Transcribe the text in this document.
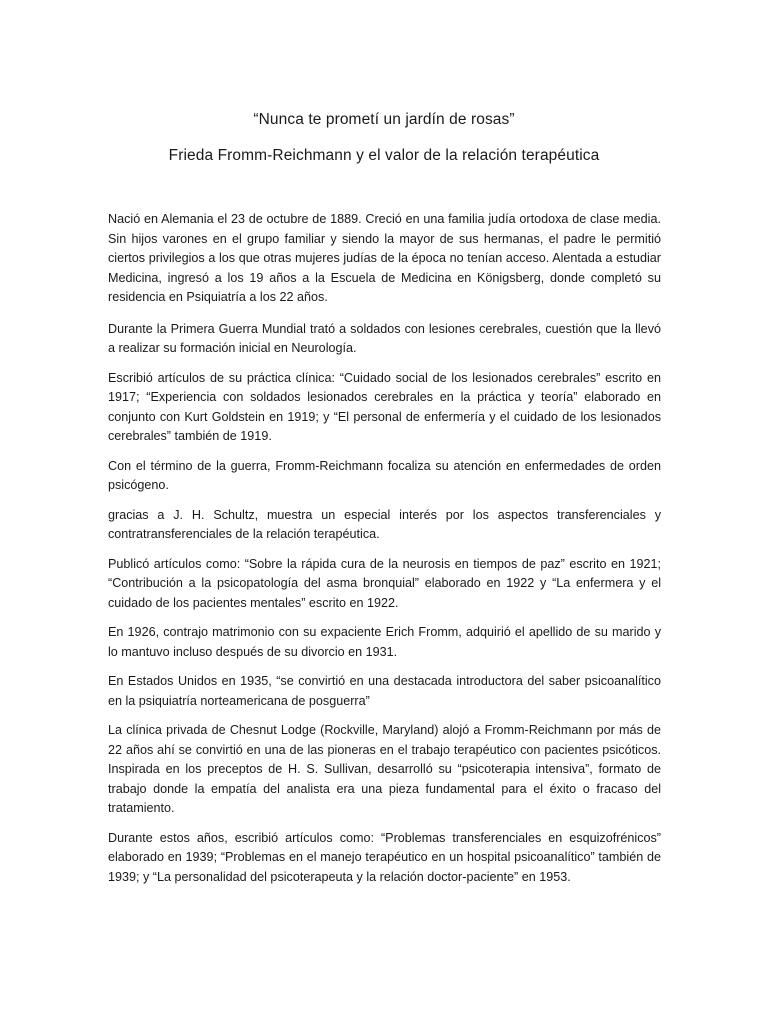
“Nunca te prometí un jardín de rosas”
Frieda Fromm-Reichmann y el valor de la relación terapéutica

Nació en Alemania el 23 de octubre de 1889. Creció en una familia judía ortodoxa de clase media. Sin hijos varones en el grupo familiar y siendo la mayor de sus hermanas, el padre le permitió ciertos privilegios a los que otras mujeres judías de la época no tenían acceso. Alentada a estudiar Medicina, ingresó a los 19 años a la Escuela de Medicina en Königsberg, donde completó su residencia en Psiquiatría a los 22 años.

Durante la Primera Guerra Mundial trató a soldados con lesiones cerebrales, cuestión que la llevó a realizar su formación inicial en Neurología.

Escribió artículos de su práctica clínica: “Cuidado social de los lesionados cerebrales” escrito en 1917; “Experiencia con soldados lesionados cerebrales en la práctica y teoría” elaborado en conjunto con Kurt Goldstein en 1919; y “El personal de enfermería y el cuidado de los lesionados cerebrales” también de 1919.

Con el término de la guerra, Fromm-Reichmann focaliza su atención en enfermedades de orden psicógeno.

gracias a J. H. Schultz, muestra un especial interés por los aspectos transferenciales y contratransferenciales de la relación terapéutica.

Publicó artículos como: “Sobre la rápida cura de la neurosis en tiempos de paz” escrito en 1921; “Contribución a la psicopatología del asma bronquial” elaborado en 1922 y “La enfermera y el cuidado de los pacientes mentales” escrito en 1922.

En 1926, contrajo matrimonio con su expaciente Erich Fromm, adquirió el apellido de su marido y lo mantuvo incluso después de su divorcio en 1931.

En Estados Unidos en 1935, “se convirtió en una destacada introductora del saber psicoanalítico en la psiquiatría norteamericana de posguerra”

La clínica privada de Chesnut Lodge (Rockville, Maryland) alojó a Fromm-Reichmann por más de 22 años ahí se convirtió en una de las pioneras en el trabajo terapéutico con pacientes psicóticos. Inspirada en los preceptos de H. S. Sullivan, desarrolló su “psicoterapia intensiva”, formato de trabajo donde la empatía del analista era una pieza fundamental para el éxito o fracaso del tratamiento.

Durante estos años, escribió artículos como: “Problemas transferenciales en esquizofrénicos” elaborado en 1939; “Problemas en el manejo terapéutico en un hospital psicoanalítico” también de 1939; y “La personalidad del psicoterapeuta y la relación doctor-paciente” en 1953.
